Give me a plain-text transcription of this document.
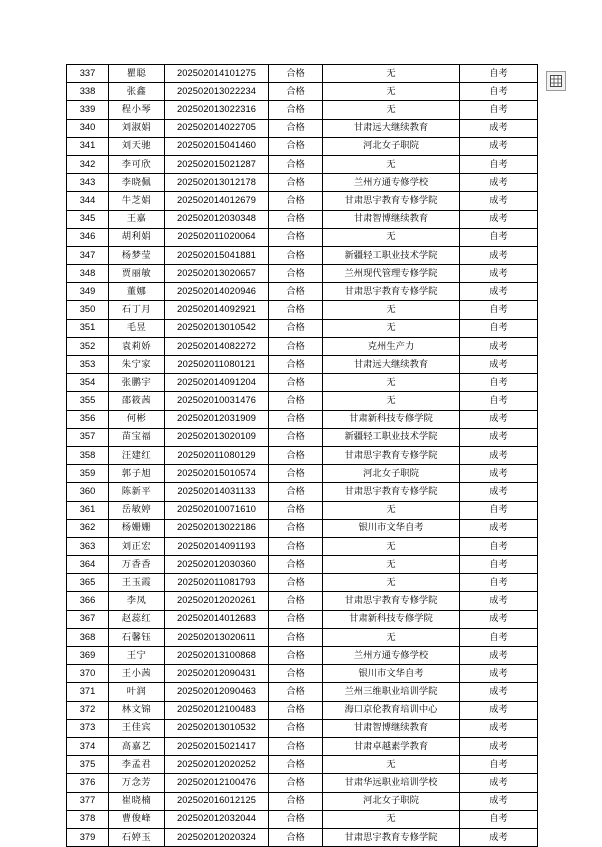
337	瞿聪	202502014101275	合格	无	自考
338	张鑫	202502013022234	合格	无	自考
339	程小琴	202502013022316	合格	无	自考
340	刘淑娟	202502014022705	合格	甘肃远大继续教育	成考
341	刘天驰	202502015041460	合格	河北女子职院	成考
342	李可欣	202502015021287	合格	无	自考
343	李晓佩	202502013012178	合格	兰州方通专修学校	成考
344	牛芝娟	202502014012679	合格	甘肃思宇教育专修学院	成考
345	王嘉	202502012030348	合格	甘肃智博继续教育	成考
346	胡利娟	202502011020064	合格	无	自考
347	杨梦莹	202502015041881	合格	新疆轻工职业技术学院	成考
348	贾丽敏	202502013020657	合格	兰州现代管理专修学院	成考
349	董娜	202502014020946	合格	甘肃思宇教育专修学院	成考
350	石丁月	202502014092921	合格	无	自考
351	毛昱	202502013010542	合格	无	自考
352	袁莉娇	202502014082272	合格	克州生产力	成考
353	朱宁家	202502011080121	合格	甘肃远大继续教育	成考
354	张鹏宇	202502014091204	合格	无	自考
355	邵筱茜	202502010031476	合格	无	自考
356	何彬	202502012031909	合格	甘肃新科技专修学院	成考
357	苗宝福	202502013020109	合格	新疆轻工职业技术学院	成考
358	汪建红	202502011080129	合格	甘肃思宇教育专修学院	成考
359	郭子旭	202502015010574	合格	河北女子职院	成考
360	陈新平	202502014031133	合格	甘肃思宇教育专修学院	成考
361	岳敏婷	202502010071610	合格	无	自考
362	杨姗姗	202502013022186	合格	银川市文华自考	成考
363	刘正宏	202502014091193	合格	无	自考
364	万香香	202502012030360	合格	无	自考
365	王玉霞	202502011081793	合格	无	自考
366	李凤	202502012020261	合格	甘肃思宇教育专修学院	成考
367	赵蕊红	202502014012683	合格	甘肃新科技专修学院	成考
368	石馨钰	202502013020611	合格	无	自考
369	王宁	202502013100868	合格	兰州方通专修学校	成考
370	王小茜	202502012090431	合格	银川市文华自考	成考
371	叶润	202502012090463	合格	兰州三维职业培训学院	成考
372	林文锦	202502012100483	合格	海口京伦教育培训中心	成考
373	王佳宾	202502013010532	合格	甘肃智博继续教育	成考
374	高嘉艺	202502015021417	合格	甘肃卓越素学教育	成考
375	李孟君	202502012020252	合格	无	自考
376	万念芳	202502012100476	合格	甘肃华远职业培训学校	成考
377	崔晓楠	202502016012125	合格	河北女子职院	成考
378	曹俊峰	202502012032044	合格	无	自考
379	石婷玉	202502012020324	合格	甘肃思宇教育专修学院	成考
